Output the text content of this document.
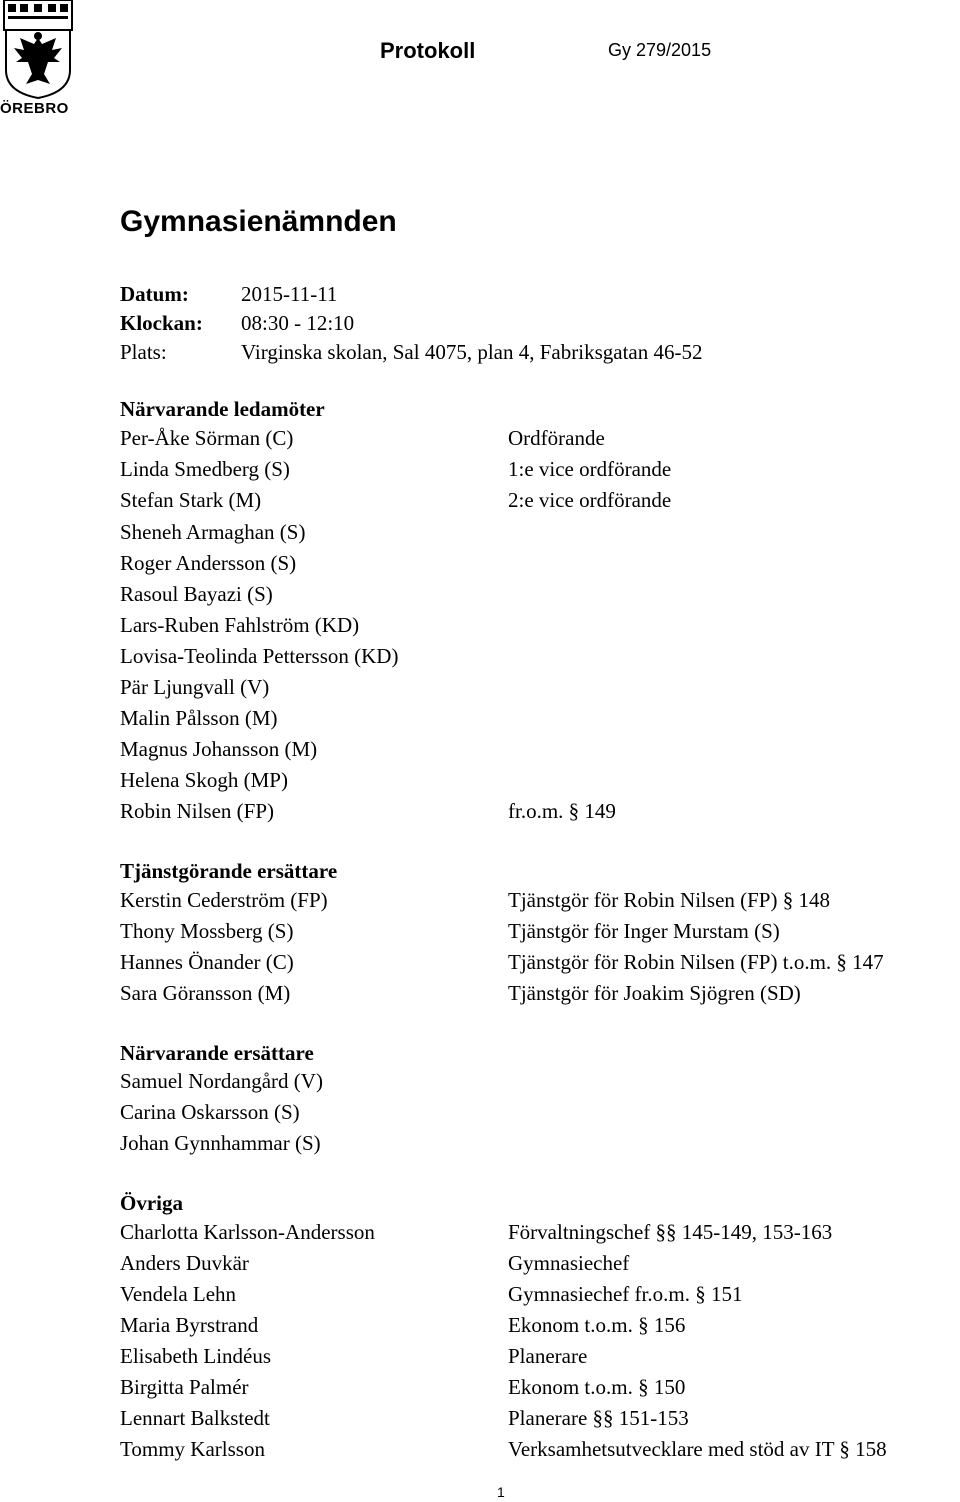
ÖREBRO
Protokoll	Gy 279/2015
Gymnasienämnden
Datum: 2015-11-11
Klockan: 08:30 - 12:10
Plats:	Virginska skolan, Sal 4075, plan 4, Fabriksgatan 46-52
Närvarande ledamöter
Per-Åke Sörman (C)	Ordförande
Linda Smedberg (S)	1:e vice ordförande
Stefan Stark (M)	2:e vice ordförande
Sheneh Armaghan (S)
Roger Andersson (S)
Rasoul Bayazi (S)
Lars-Ruben Fahlström (KD)
Lovisa-Teolinda Pettersson (KD)
Pär Ljungvall (V)
Malin Pålsson (M)
Magnus Johansson (M)
Helena Skogh (MP)
Robin Nilsen (FP)	fr.o.m. § 149
Tjänstgörande ersättare
Kerstin Cederström (FP)	Tjänstgör för Robin Nilsen (FP) § 148
Thony Mossberg (S)	Tjänstgör för Inger Murstam (S)
Hannes Önander (C)	Tjänstgör för Robin Nilsen (FP) t.o.m. § 147
Sara Göransson (M)	Tjänstgör för Joakim Sjögren (SD)
Närvarande ersättare
Samuel Nordangård (V)
Carina Oskarsson (S)
Johan Gynnhammar (S)
Övriga
Charlotta Karlsson-Andersson	Förvaltningschef §§ 145-149, 153-163
Anders Duvkär	Gymnasiechef
Vendela Lehn	Gymnasiechef fr.o.m. § 151
Maria Byrstrand	Ekonom t.o.m. § 156
Elisabeth Lindéus	Planerare
Birgitta Palmér	Ekonom t.o.m. § 150
Lennart Balkstedt	Planerare §§ 151-153
Tommy Karlsson	Verksamhetsutvecklare med stöd av IT § 158
1
